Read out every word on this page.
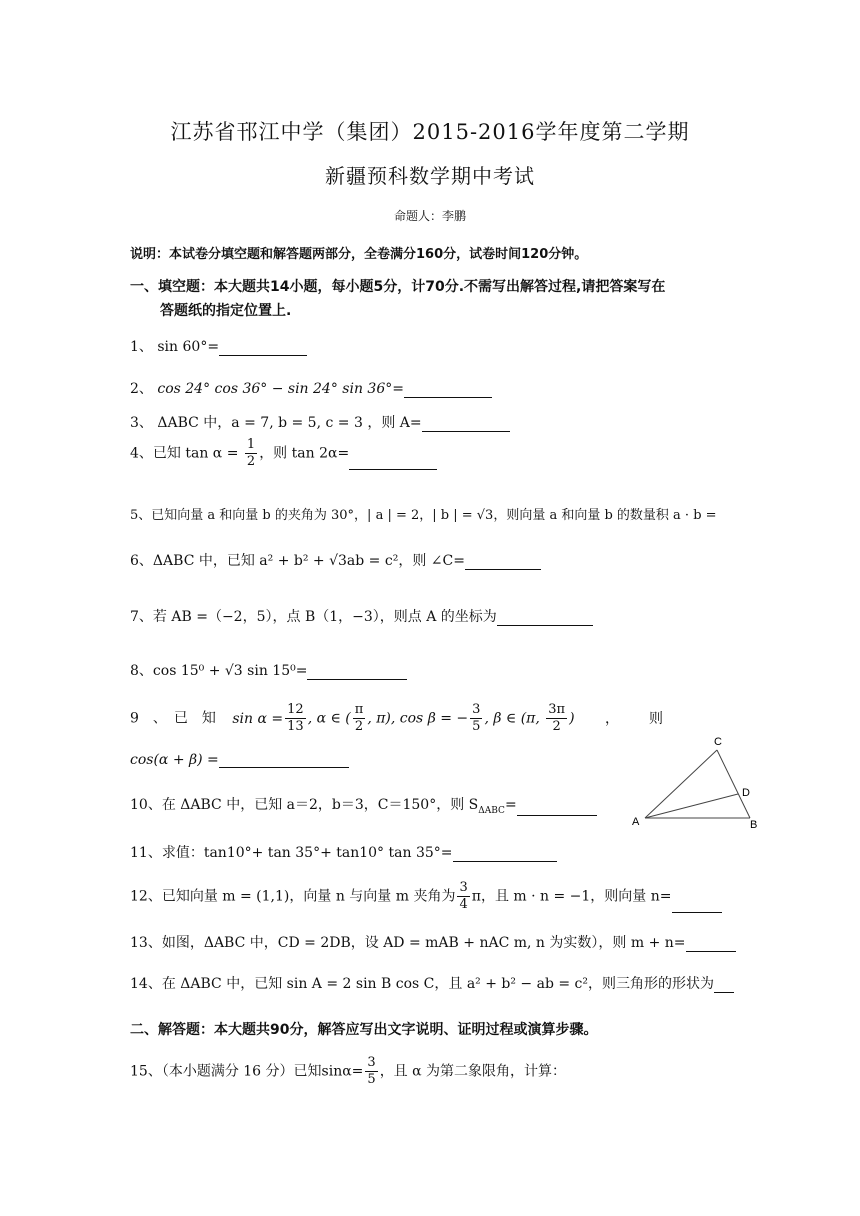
江苏省邗江中学（集团）2015-2016学年度第二学期
新疆预科数学期中考试
命题人：李鹏
说明：本试卷分填空题和解答题两部分，全卷满分160分，试卷时间120分钟。
一、填空题：本大题共14小题，每小题5分，计70分.不需写出解答过程,请把答案写在
答题纸的指定位置上.
1、 sin 60°=
2、 cos 24° cos 36° − sin 24° sin 36°=
3、 ΔABC 中，a = 7, b = 5, c = 3 ，则 A=
4、已知 $\tan \alpha = \frac{1}{2}$ ，则 tan 2α=
5、已知向量 a 和向量 b 的夹角为 30°，| a | = 2，| b | = √3，则向量 a 和向量 b 的数量积 a · b =
6、ΔABC 中，已知 a² + b² + √3ab = c²，则 ∠C=
7、若 AB =（−2，5），点 B（1，−3），则点 A 的坐标为
8、cos 15⁰ + √3 sin 15⁰=
9　、　已　知 $\sin \alpha = \frac{12}{13}$ , α ∈ ( $\frac{\pi}{2}$ , π), cos β = − $\frac{3}{5}$ , β ∈ (π, $\frac{3\pi}{2}$ ) ， 则
cos(α + β) =
10、在 ΔABC 中，已知 a＝2，b＝3，C＝150°，则 $S_{\Delta ABC}=$
11、求值：tan10°+ tan 35°+ tan10° tan 35°=
12、已知向量 m = (1,1)，向量 n 与向量 m 夹角为 $\frac{3}{4}$ π，且 m · n = −1，则向量 n=
13、如图，ΔABC 中，CD = 2DB，设 AD = mAB + nAC m, n 为实数），则 m + n=
14、在 ΔABC 中，已知 sin A = 2 sin B cos C，且 a² + b² − ab = c²，则三角形的形状为
二、解答题：本大题共90分，解答应写出文字说明、证明过程或演算步骤。
15、（本小题满分 16 分）已知$\sin\alpha= \frac{3}{5}$ ，且 α 为第二象限角，计算：
C
D
A	B
